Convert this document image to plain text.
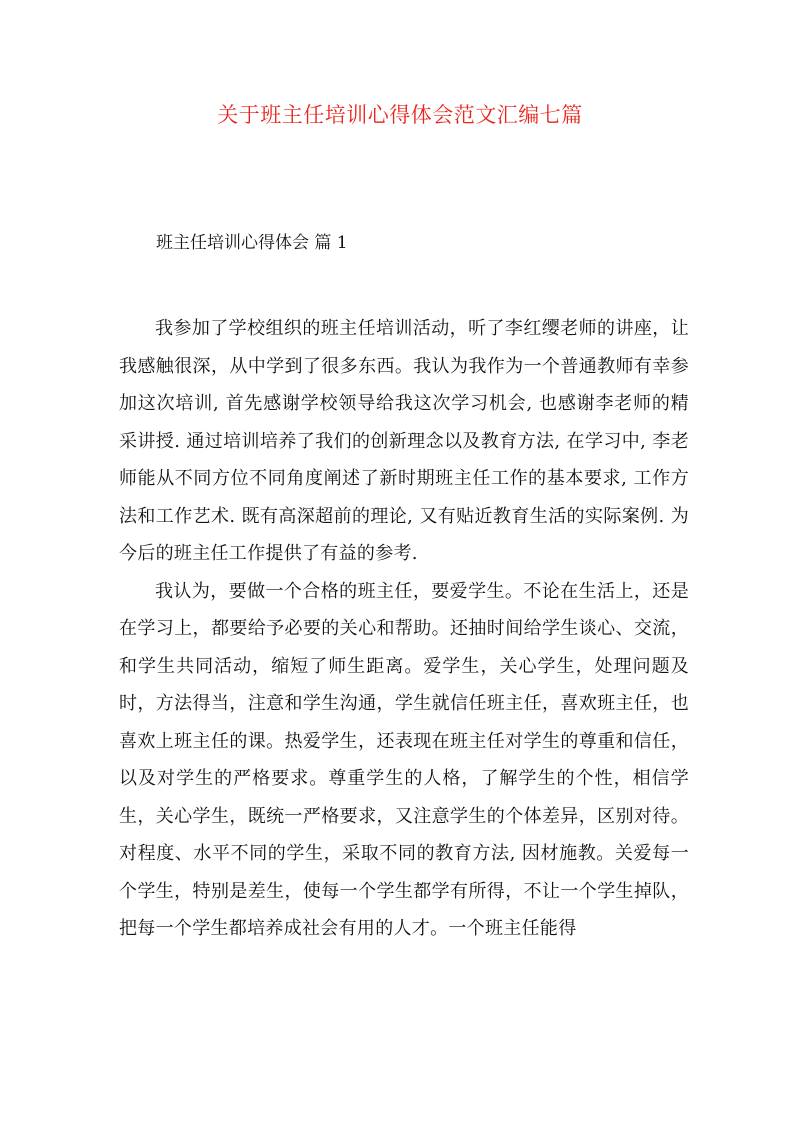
关于班主任培训心得体会范文汇编七篇
班主任培训心得体会 篇 1

我参加了学校组织的班主任培训活动，听了李红缨老师的讲座，让我感触很深，从中学到了很多东西。我认为我作为一个普通教师有幸参加这次培训, 首先感谢学校领导给我这次学习机会, 也感谢李老师的精采讲授. 通过培训培养了我们的创新理念以及教育方法, 在学习中, 李老师能从不同方位不同角度阐述了新时期班主任工作的基本要求, 工作方法和工作艺术. 既有高深超前的理论, 又有贴近教育生活的实际案例. 为今后的班主任工作提供了有益的参考.

我认为，要做一个合格的班主任，要爱学生。不论在生活上，还是在学习上，都要给予必要的关心和帮助。还抽时间给学生谈心、交流，和学生共同活动，缩短了师生距离。爱学生，关心学生，处理问题及时，方法得当，注意和学生沟通，学生就信任班主任，喜欢班主任，也喜欢上班主任的课。热爱学生，还表现在班主任对学生的尊重和信任，以及对学生的严格要求。尊重学生的人格，了解学生的个性，相信学生，关心学生，既统一严格要求，又注意学生的个体差异，区别对待。对程度、水平不同的学生，采取不同的教育方法, 因材施教。关爱每一个学生，特别是差生，使每一个学生都学有所得，不让一个学生掉队，把每一个学生都培养成社会有用的人才。一个班主任能得
